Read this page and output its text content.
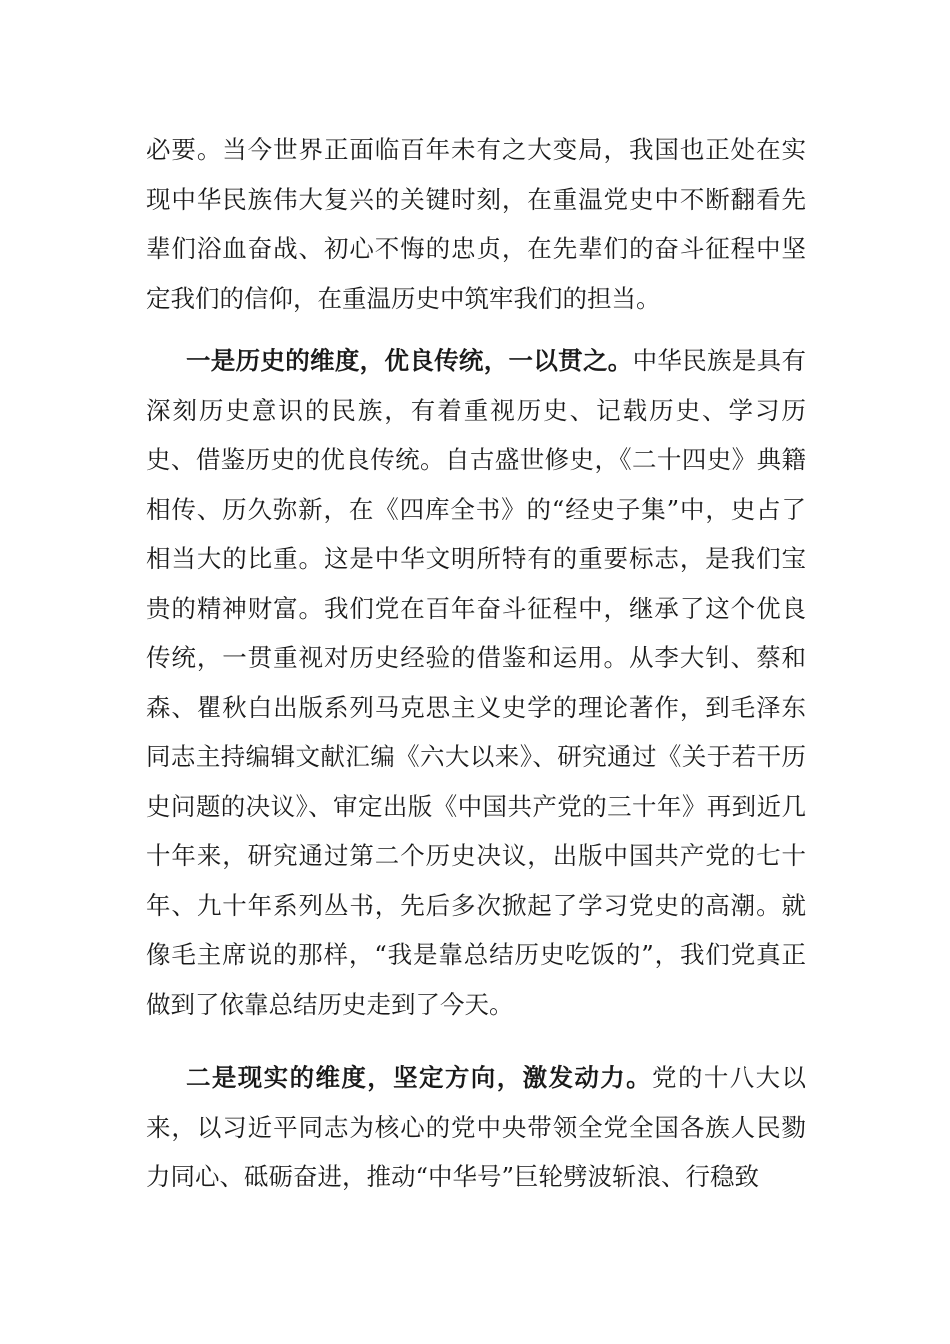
必要。当今世界正面临百年未有之大变局，我国也正处在实现中华民族伟大复兴的关键时刻，在重温党史中不断翻看先辈们浴血奋战、初心不悔的忠贞，在先辈们的奋斗征程中坚定我们的信仰，在重温历史中筑牢我们的担当。

一是历史的维度，优良传统，一以贯之。中华民族是具有深刻历史意识的民族，有着重视历史、记载历史、学习历史、借鉴历史的优良传统。自古盛世修史，《二十四史》典籍相传、历久弥新，在《四库全书》的“经史子集”中，史占了相当大的比重。这是中华文明所特有的重要标志，是我们宝贵的精神财富。我们党在百年奋斗征程中，继承了这个优良传统，一贯重视对历史经验的借鉴和运用。从李大钊、蔡和森、瞿秋白出版系列马克思主义史学的理论著作，到毛泽东同志主持编辑文献汇编《六大以来》、研究通过《关于若干历史问题的决议》、审定出版《中国共产党的三十年》再到近几十年来，研究通过第二个历史决议，出版中国共产党的七十年、九十年系列丛书，先后多次掀起了学习党史的高潮。就像毛主席说的那样，“我是靠总结历史吃饭的”，我们党真正做到了依靠总结历史走到了今天。

二是现实的维度，坚定方向，激发动力。党的十八大以来，以习近平同志为核心的党中央带领全党全国各族人民勠力同心、砥砺奋进，推动“中华号”巨轮劈波斩浪、行稳致
